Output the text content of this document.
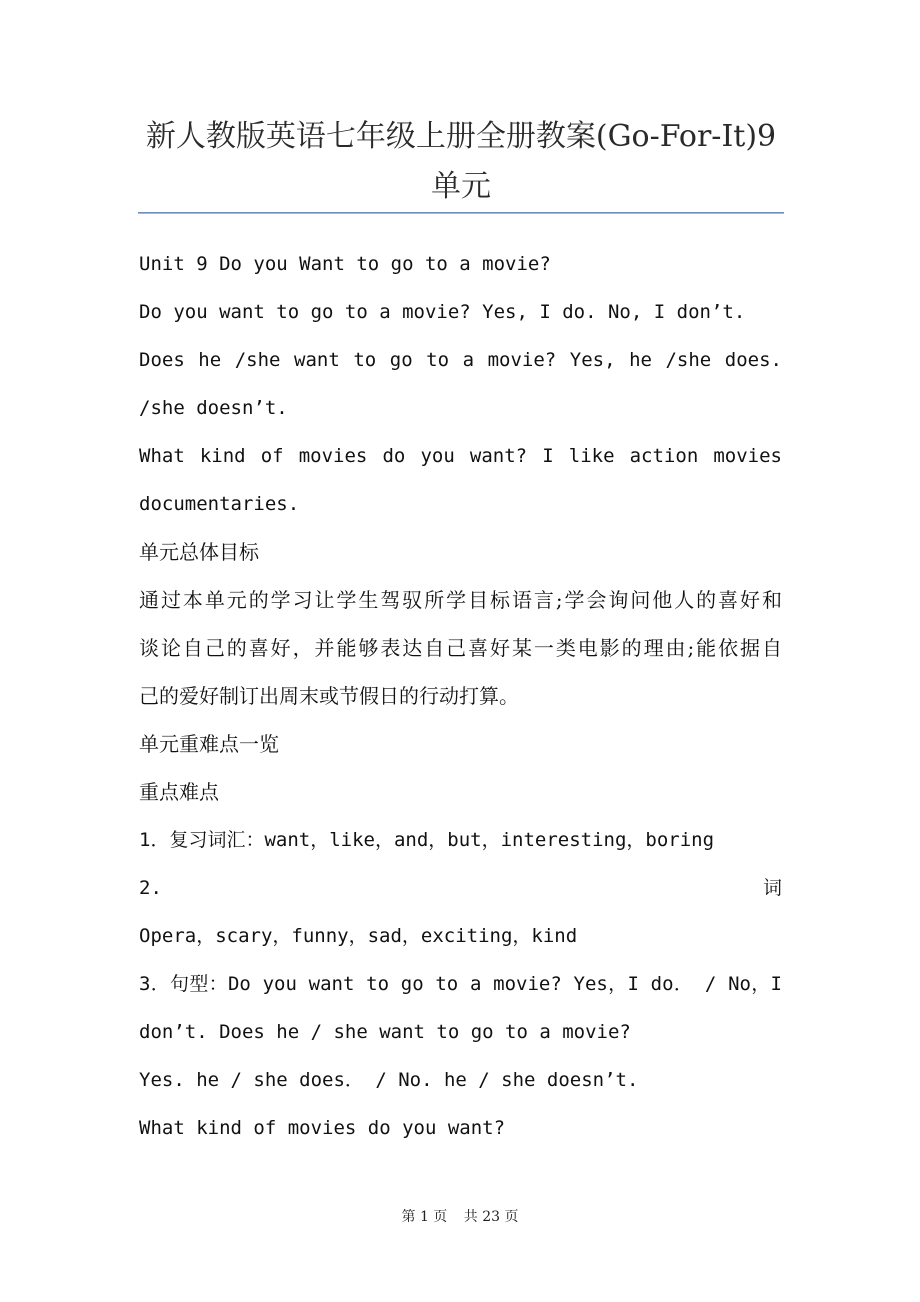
新人教版英语七年级上册全册教案(Go-For-It)9单元
Unit 9 Do you Want to go to a movie?
Do you want to go to a movie? Yes, I do. No, I don’t.
Does he /she want to go to a movie? Yes, he /she does.
/she doesn’t.
What kind of movies do you want? I like action movies
documentaries.
单元总体目标
通过本单元的学习让学生驾驭所学目标语言;学会询问他人的喜好和
谈论自己的喜好，并能够表达自己喜好某一类电影的理由;能依据自
己的爱好制订出周末或节假日的行动打算。
单元重难点一览
重点难点
1．复习词汇：want，like，and，but，interesting，boring
2.词
Opera，scary，funny，sad，exciting，kind
3．句型：Do you want to go to a movie? Yes，I do． / No，I
don’t. Does he / she want to go to a movie?
Yes. he / she does． / No. he / she doesn’t.
What kind of movies do you want?
第 1 页 共 23 页
